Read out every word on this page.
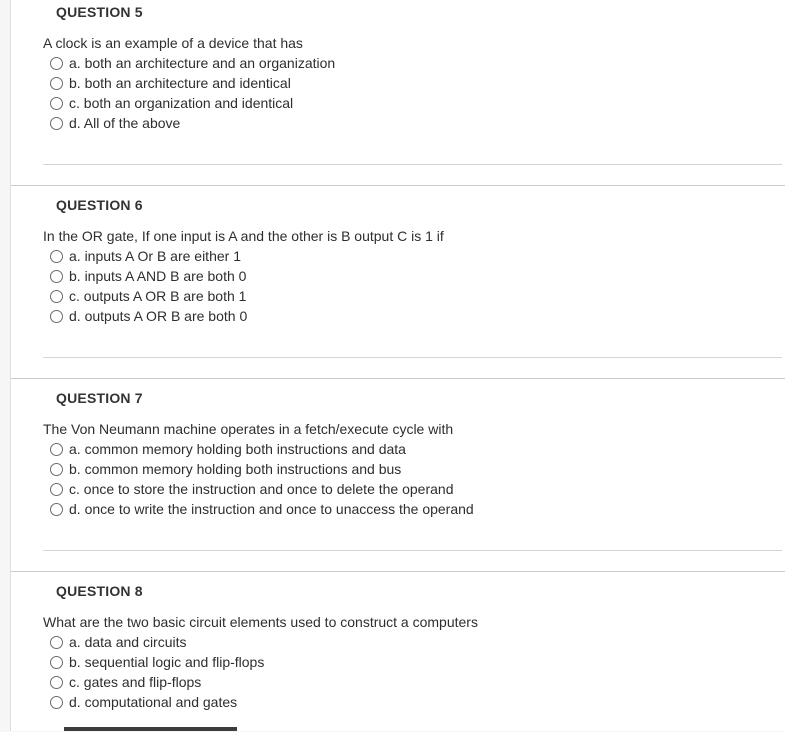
QUESTION 5

A clock is an example of a device that has

a. both an architecture and an organization
b. both an architecture and identical
c. both an organization and identical
d. All of the above
QUESTION 6

In the OR gate, If one input is A and the other is B output C is 1 if

a. inputs A Or B are either 1
b. inputs A AND B are both 0
c. outputs A OR B are both 1
d. outputs A OR B are both 0
QUESTION 7

The Von Neumann machine operates in a fetch/execute cycle with

a. common memory holding both instructions and data
b. common memory holding both instructions and bus
c. once to store the instruction and once to delete the operand
d. once to write the instruction and once to unaccess the operand
QUESTION 8

What are the two basic circuit elements used to construct a computers

a. data and circuits
b. sequential logic and flip-flops
c. gates and flip-flops
d. computational and gates
